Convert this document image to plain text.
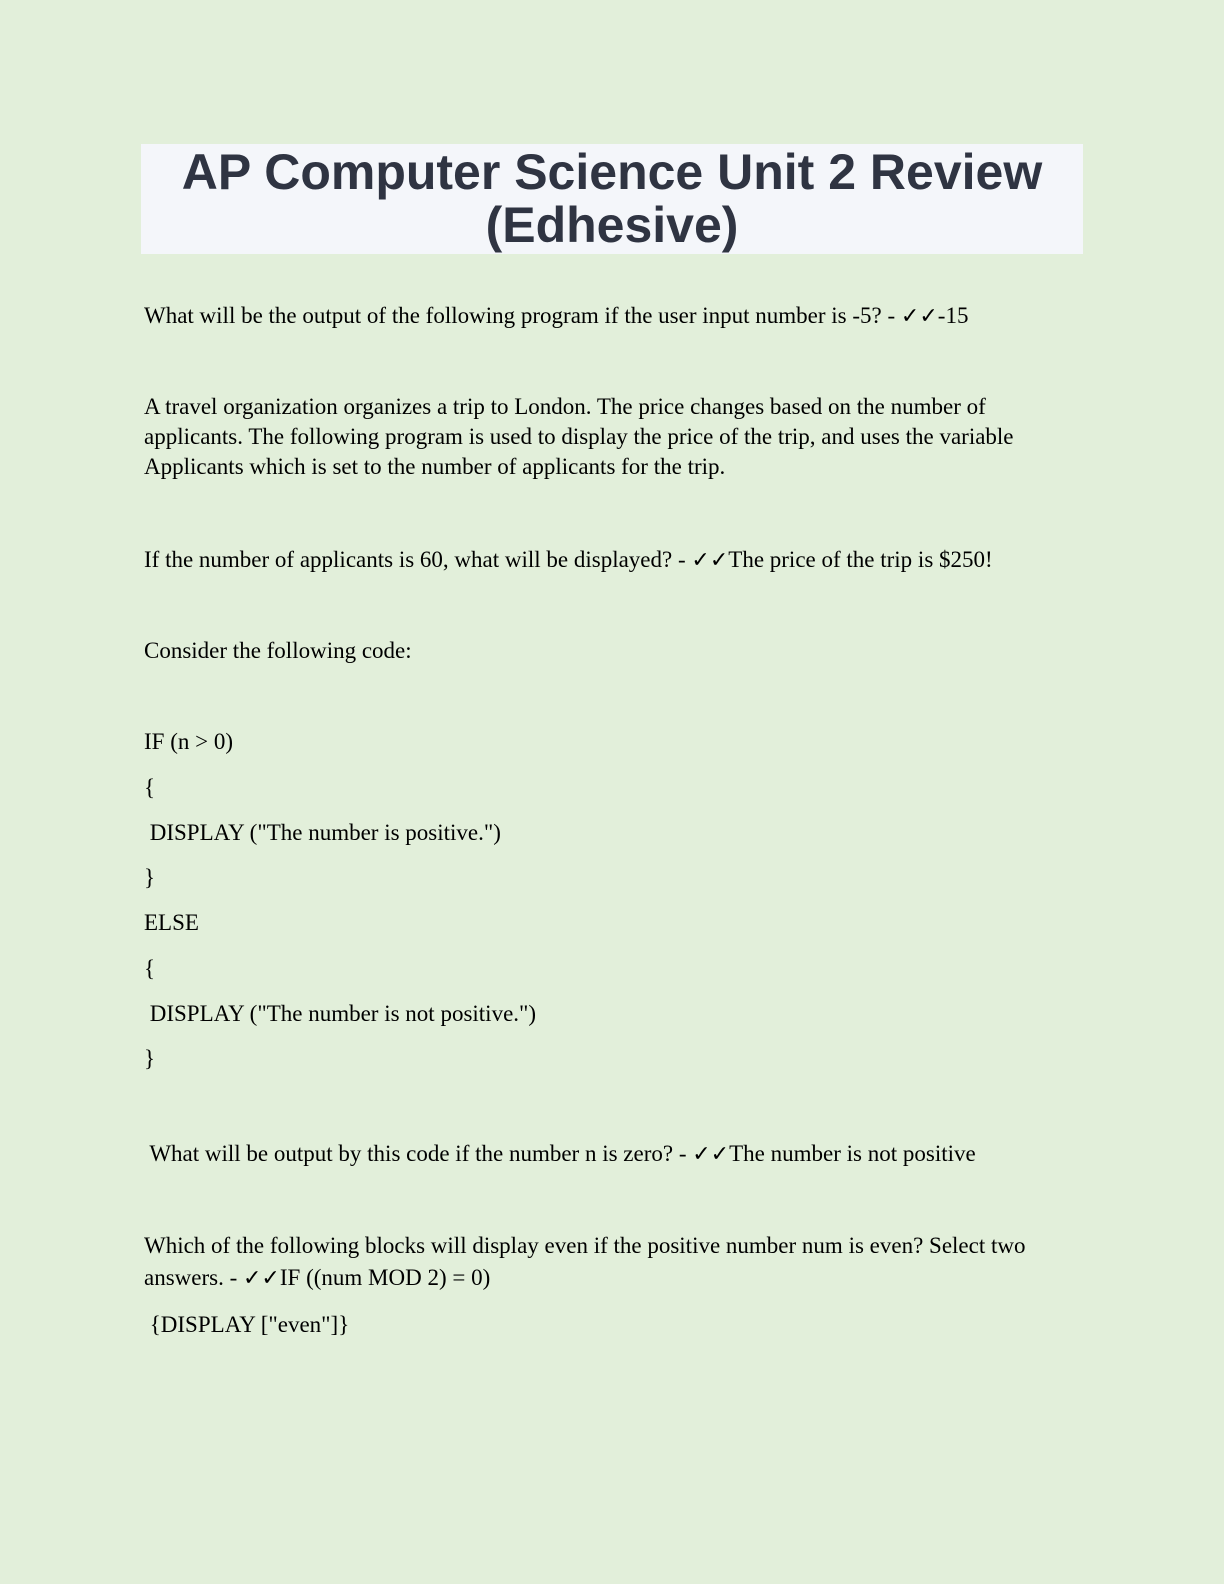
AP Computer Science Unit 2 Review
(Edhesive)
What will be the output of the following program if the user input number is -5? - ✓✓-15
A travel organization organizes a trip to London. The price changes based on the number of applicants. The following program is used to display the price of the trip, and uses the variable Applicants which is set to the number of applicants for the trip.
If the number of applicants is 60, what will be displayed? - ✓✓The price of the trip is $250!
Consider the following code:
IF (n > 0)
{
DISPLAY ("The number is positive.")
}
ELSE
{
DISPLAY ("The number is not positive.")
}
What will be output by this code if the number n is zero? - ✓✓The number is not positive
Which of the following blocks will display even if the positive number num is even? Select two
answers. - ✓✓IF ((num MOD 2) = 0)
{DISPLAY ["even"]}
